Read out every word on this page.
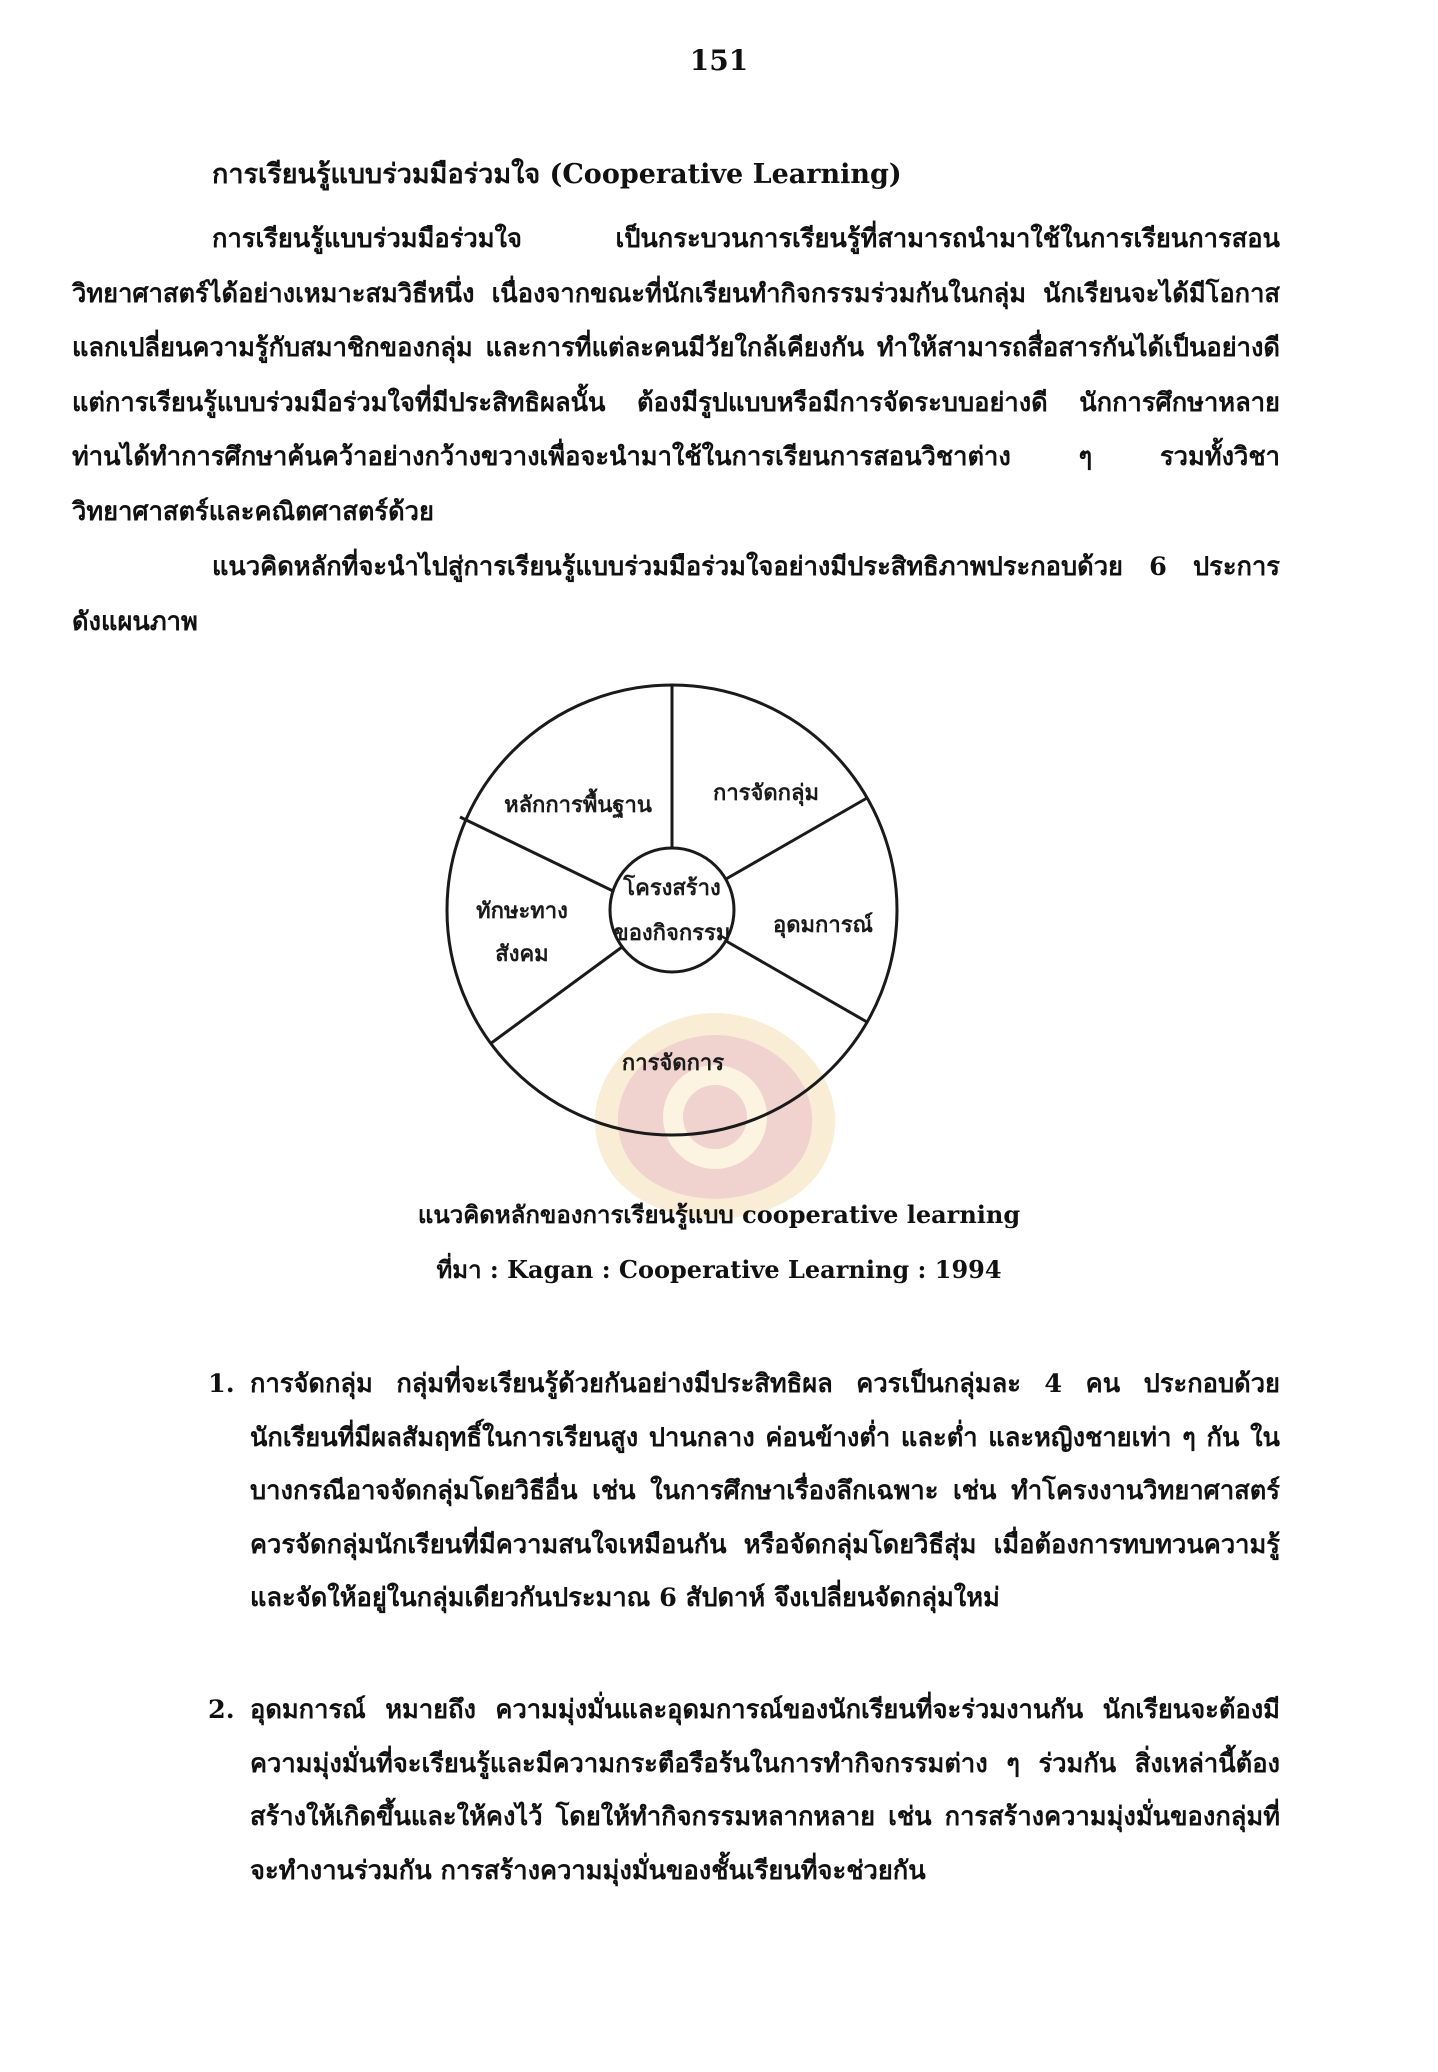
151
การเรียนรู้แบบร่วมมือร่วมใจ (Cooperative Learning)
การเรียนรู้แบบร่วมมือร่วมใจ เป็นกระบวนการเรียนรู้ที่สามารถนำมาใช้ในการเรียนการสอนวิทยาศาสตร์ได้อย่างเหมาะสมวิธีหนึ่ง เนื่องจากขณะที่นักเรียนทำกิจกรรมร่วมกันในกลุ่ม นักเรียนจะได้มีโอกาสแลกเปลี่ยนความรู้กับสมาชิกของกลุ่ม และการที่แต่ละคนมีวัยใกล้เคียงกัน ทำให้สามารถสื่อสารกันได้เป็นอย่างดี แต่การเรียนรู้แบบร่วมมือร่วมใจที่มีประสิทธิผลนั้น ต้องมีรูปแบบหรือมีการจัดระบบอย่างดี นักการศึกษาหลายท่านได้ทำการศึกษาค้นคว้าอย่างกว้างขวางเพื่อจะนำมาใช้ในการเรียนการสอนวิชาต่าง ๆ รวมทั้งวิชาวิทยาศาสตร์และคณิตศาสตร์ด้วย
แนวคิดหลักที่จะนำไปสู่การเรียนรู้แบบร่วมมือร่วมใจอย่างมีประสิทธิภาพประกอบด้วย 6 ประการ ดังแผนภาพ
โครงสร้าง
ของกิจกรรม
หลักการพื้นฐาน	การจัดกลุ่ม
อุดมการณ์
การจัดการ
ทักษะทาง
สังคม
แนวคิดหลักของการเรียนรู้แบบ cooperative learning
ที่มา : Kagan : Cooperative Learning : 1994
1. การจัดกลุ่ม กลุ่มที่จะเรียนรู้ด้วยกันอย่างมีประสิทธิผล ควรเป็นกลุ่มละ 4 คน ประกอบด้วยนักเรียนที่มีผลสัมฤทธิ์ในการเรียนสูง ปานกลาง ค่อนข้างต่ำ และต่ำ และหญิงชายเท่า ๆ กัน ในบางกรณีอาจจัดกลุ่มโดยวิธีอื่น เช่น ในการศึกษาเรื่องลึกเฉพาะ เช่น ทำโครงงานวิทยาศาสตร์ควรจัดกลุ่มนักเรียนที่มีความสนใจเหมือนกัน หรือจัดกลุ่มโดยวิธีสุ่ม เมื่อต้องการทบทวนความรู้ และจัดให้อยู่ในกลุ่มเดียวกันประมาณ 6 สัปดาห์ จึงเปลี่ยนจัดกลุ่มใหม่
2. อุดมการณ์ หมายถึง ความมุ่งมั่นและอุดมการณ์ของนักเรียนที่จะร่วมงานกัน นักเรียนจะต้องมีความมุ่งมั่นที่จะเรียนรู้และมีความกระตือรือร้นในการทำกิจกรรมต่าง ๆ ร่วมกัน สิ่งเหล่านี้ต้องสร้างให้เกิดขึ้นและให้คงไว้ โดยให้ทำกิจกรรมหลากหลาย เช่น การสร้างความมุ่งมั่นของกลุ่มที่จะทำงานร่วมกัน การสร้างความมุ่งมั่นของชั้นเรียนที่จะช่วยกัน
